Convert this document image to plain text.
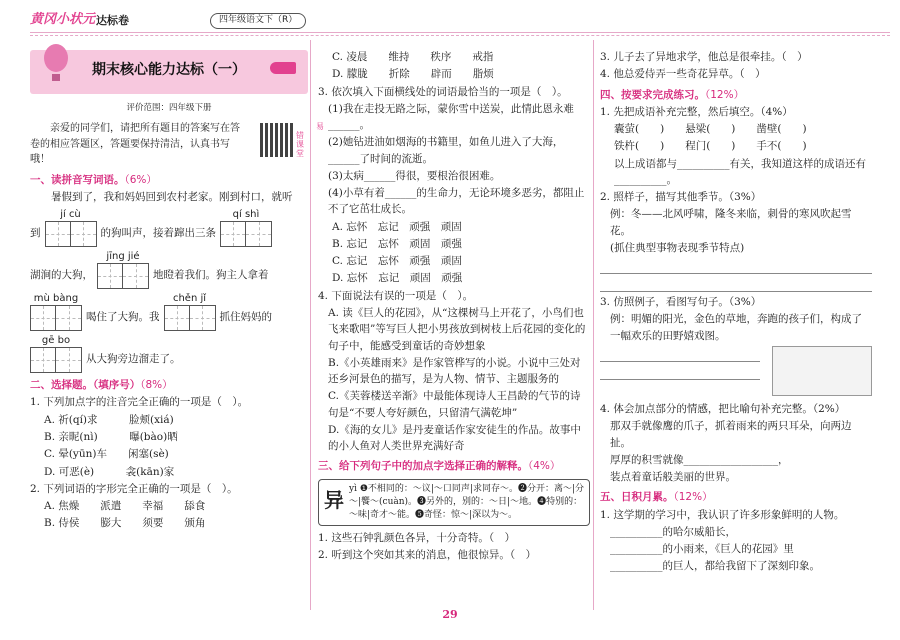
黄冈小状元 达标卷	四年级语文下（R）
期末核心能力达标（一）
评价范围：四年级下册
亲爱的同学们，请把所有题目的答案写在答卷的相应答题区，答题要保持清洁，认真书写哦！
易错课堂
一、读拼音写词语。（6%）

暑假到了，我和妈妈回到农村老家。刚到村口，就听

到
jí cù
的狗叫声，接着蹿出三条
qí shì
湖涧的大狗，
jīng jié
地瞪着我们。狗主人拿着
mù bàng
喝住了大狗。我
chěn jǐ
抓住妈妈的
gē bo
从大狗旁边溜走了。
二、选择题。（填序号）（8%）

1. 下列加点字的注音完全正确的一项是（　）。

A. 祈(qí)求　　　脸颊(xiá)

B. 亲昵(nì)　　　曝(bào)晒

C. 晕(yūn)车　　闲塞(sè)

D. 可恶(è)　　　衾(kān)家

2. 下列词语的字形完全正确的一项是（　）。

A. 焦燥　　派遣　　幸福　　舔食

B. 侍侯　　膨大　　须要　　颁角

C. 凌晨　　维持　　秩序　　戒指

D. 朦胧　　折除　　辟而　　脂烦

3. 依次填入下面横线处的词语最恰当的一项是（　）。

(1)我在走投无路之际，蒙你雪中送炭，此情此恩永难______。

(2)她钻进油如烟海的书籍里，如鱼儿进入了大海，______了时间的流逝。

(3)太病______得很，要根治很困难。

(4)小草有着______的生命力，无论环境多恶劣，都阻止不了它茁壮成长。

A. 忘怀　忘记　顽强　顽固

B. 忘记　忘怀　顽固　顽强

C. 忘记　忘怀　顽强　顽固

D. 忘怀　忘记　顽固　顽强

4. 下面说法有误的一项是（　）。

A. 读《巨人的花园》，从“这棵树马上开花了，小鸟们也飞来歌唱”等写巨人把小男孩放到树枝上后花园的变化的句子中，能感受到童话的奇妙想象

B.《小英雄雨来》是作家管桦写的小说。小说中三处对还乡河景色的描写，是为人物、情节、主题服务的

C.《芙蓉楼送辛渐》中最能体现诗人王昌龄的气节的诗句是“不要人夸好颜色，只留清气满乾坤”

D.《海的女儿》是丹麦童话作家安徒生的作品。故事中的小人鱼对人类世界充满好奇

三、给下列句子中的加点字选择正确的解释。（4%）
异 yì ❶不相同的：～议|～口同声|求同存～。❷分开：离～|分～|饗～(cuàn)。❸另外的，别的：～日|～地。❹特别的：～味|奇才～能。❺奇怪：惊～|深以为～。

1. 这些石钟乳颜色各异，十分奇特。（　）

2. 听到这个突如其来的消息，他很惊异。（　）

3. 儿子去了异地求学，他总是很牵挂。（　）

4. 他总爱侍弄一些奇花异草。（　）

四、按要求完成练习。（12%）

1. 先把成语补充完整，然后填空。（4%）

囊萤(　　)　　悬梁(　　)　　凿壁(　　)

铁杵(　　)　　程门(　　)　　手不(　　)

以上成语都与__________有关，我知道这样的成语还有__________。

2. 照样子，描写其他季节。（3%）

例：冬——北风呼啸，隆冬来临，刺骨的寒风吹起雪花。

(抓住典型事物表现季节特点)

3. 仿照例子，看图写句子。（3%）

例：明媚的阳光，金色的草地，奔跑的孩子们，构成了一幅欢乐的田野嬉戏图。

4. 体会加点部分的情感，把比喻句补充完整。（2%）

那双手就像鹰的爪子，抓着雨来的两只耳朵，向两边扯。

厚厚的积雪就像__________________，

装点着童话般美丽的世界。

五、日积月累。（12%）

1. 这学期的学习中，我认识了许多形象鲜明的人物。

__________的哈尔威船长，

__________的小雨来，《巨人的花园》里

__________的巨人，都给我留下了深刻印象。

29
